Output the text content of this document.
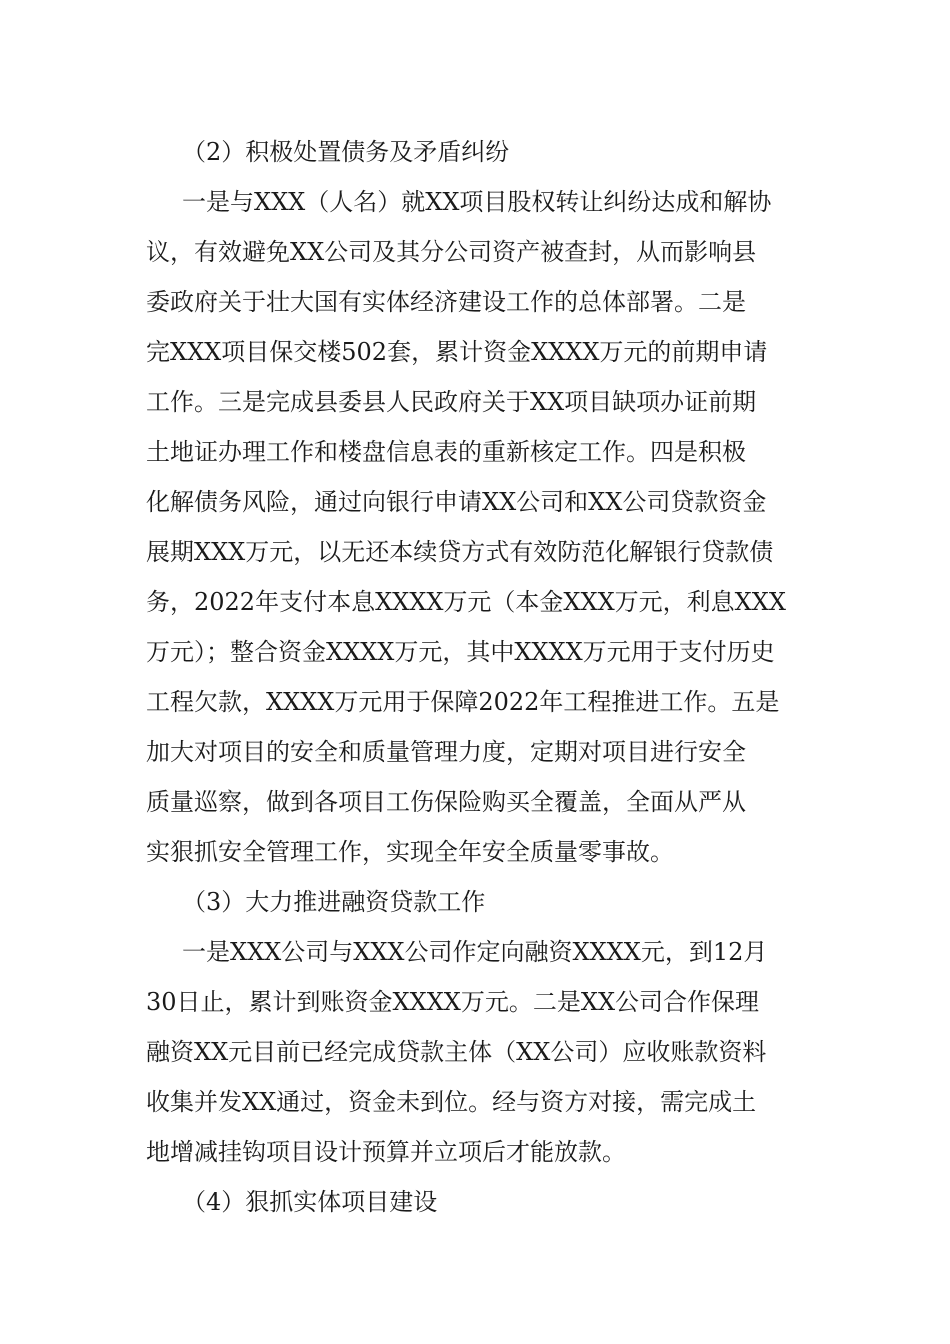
（2）积极处置债务及矛盾纠纷
一是与XXX（人名）就XX项目股权转让纠纷达成和解协
议，有效避免XX公司及其分公司资产被查封，从而影响县
委政府关于壮大国有实体经济建设工作的总体部署。二是
完XXX项目保交楼502套，累计资金XXXX万元的前期申请
工作。三是完成县委县人民政府关于XX项目缺项办证前期
土地证办理工作和楼盘信息表的重新核定工作。四是积极
化解债务风险，通过向银行申请XX公司和XX公司贷款资金
展期XXX万元，以无还本续贷方式有效防范化解银行贷款债
务，2022年支付本息XXXX万元（本金XXX万元，利息XXX
万元）；整合资金XXXX万元，其中XXXX万元用于支付历史
工程欠款，XXXX万元用于保障2022年工程推进工作。五是
加大对项目的安全和质量管理力度，定期对项目进行安全
质量巡察，做到各项目工伤保险购买全覆盖，全面从严从
实狠抓安全管理工作，实现全年安全质量零事故。
（3）大力推进融资贷款工作
一是XXX公司与XXX公司作定向融资XXXX元，到12月
30日止，累计到账资金XXXX万元。二是XX公司合作保理
融资XX元目前已经完成贷款主体（XX公司）应收账款资料
收集并发XX通过，资金未到位。经与资方对接，需完成土
地增减挂钩项目设计预算并立项后才能放款。
（4）狠抓实体项目建设
